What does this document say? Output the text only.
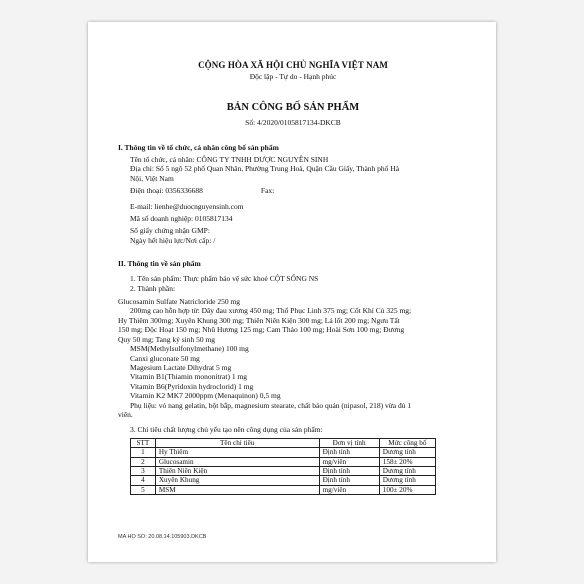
CỘNG HÒA XÃ HỘI CHỦ NGHĨA VIỆT NAM
Độc lập - Tự do - Hạnh phúc
BẢN CÔNG BỐ SẢN PHẨM
Số: 4/2020/0105817134-DKCB
I. Thông tin về tổ chức, cá nhân công bố sản phẩm
Tên tổ chức, cá nhân: CÔNG TY TNHH DƯỢC NGUYÊN SINH
Địa chỉ: Số 5 ngõ 52 phố Quan Nhân, Phường Trung Hoà, Quận Cầu Giấy, Thành phố Hà
Nội, Việt Nam
Điện thoại: 0356336688	Fax:
E-mail: lienhe@duocnguyensinh.com
Mã số doanh nghiệp: 0105817134
Số giấy chứng nhận GMP:
Ngày hết hiệu lực/Nơi cấp: /
II. Thông tin về sản phẩm
1. Tên sản phẩm: Thực phẩm bảo vệ sức khoẻ CỘT SỐNG NS
2. Thành phần:
Glucosamin Sulfate Natricloride 250 mg
200mg cao hỗn hợp từ: Dây đau xương 450 mg; Thổ Phục Linh 375 mg; Cốt Khí Củ 325 mg;
Hy Thiêm 300mg; Xuyên Khung 300 mg; Thiên Niên Kiện 300 mg; Lá lốt 200 mg; Ngưu Tất
150 mg; Độc Hoạt 150 mg; Nhũ Hương 125 mg; Cam Thảo 100 mg; Hoài Sơn 100 mg; Đương
Quy 50 mg; Tang ký sinh 50 mg
MSM(Methylsulfonylmethane) 100 mg
Canxi gluconate 50 mg
Magesium Lactate Dihydrat 5 mg
Vitamin B1(Thiamin mononitrat) 1 mg
Vitamin B6(Pyridoxin hydroclorid) 1 mg
Vitamin K2 MK7 2000ppm (Menaquinon) 0,5 mg
Phụ liệu: vỏ nang gelatin, bột bắp, magnesium stearate, chất bảo quản (nipasol, 218) vừa đủ 1
viên.
3. Chỉ tiêu chất lượng chủ yếu tạo nên công dụng của sản phẩm:
STT	Tên chỉ tiêu	Đơn vị tính	Mức công bố
1	Hy Thiêm	Định tính	Dương tính
2	Glucosamin	mg/viên	158± 20%
3	Thiên Niên Kiện	Định tính	Dương tính
4	Xuyên Khung	Định tính	Dương tính
5	MSM	mg/viên	100± 20%
MA HO SO: 20.08.14.105903.DKCB
